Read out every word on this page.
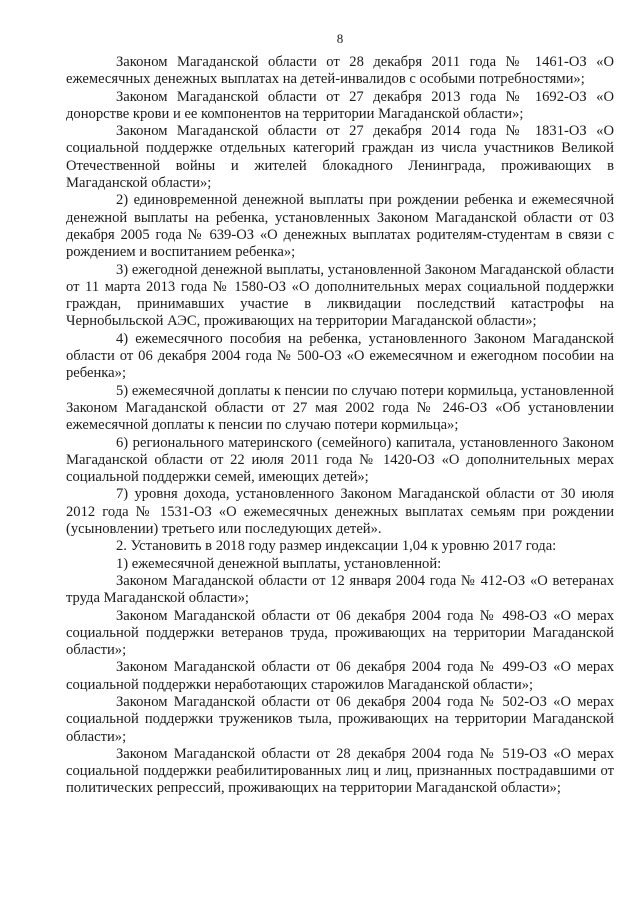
8

Законом Магаданской области от 28 декабря 2011 года № 1461-ОЗ «О ежемесячных денежных выплатах на детей-инвалидов с особыми потребностями»;

Законом Магаданской области от 27 декабря 2013 года № 1692-ОЗ «О донорстве крови и ее компонентов на территории Магаданской области»;

Законом Магаданской области от 27 декабря 2014 года № 1831-ОЗ «О социальной поддержке отдельных категорий граждан из числа участников Великой Отечественной войны и жителей блокадного Ленинграда, проживающих в Магаданской области»;

2) единовременной денежной выплаты при рождении ребенка и ежемесячной денежной выплаты на ребенка, установленных Законом Магаданской области от 03 декабря 2005 года № 639-ОЗ «О денежных выплатах родителям-студентам в связи с рождением и воспитанием ребенка»;

3) ежегодной денежной выплаты, установленной Законом Магаданской области от 11 марта 2013 года № 1580-ОЗ «О дополнительных мерах социальной поддержки граждан, принимавших участие в ликвидации последствий катастрофы на Чернобыльской АЭС, проживающих на территории Магаданской области»;

4) ежемесячного пособия на ребенка, установленного Законом Магаданской области от 06 декабря 2004 года № 500-ОЗ «О ежемесячном и ежегодном пособии на ребенка»;

5) ежемесячной доплаты к пенсии по случаю потери кормильца, установленной Законом Магаданской области от 27 мая 2002 года № 246-ОЗ «Об установлении ежемесячной доплаты к пенсии по случаю потери кормильца»;

6) регионального материнского (семейного) капитала, установленного Законом Магаданской области от 22 июля 2011 года № 1420-ОЗ «О дополнительных мерах социальной поддержки семей, имеющих детей»;

7) уровня дохода, установленного Законом Магаданской области от 30 июля 2012 года № 1531-ОЗ «О ежемесячных денежных выплатах семьям при рождении (усыновлении) третьего или последующих детей».

2. Установить в 2018 году размер индексации 1,04 к уровню 2017 года:

1) ежемесячной денежной выплаты, установленной:

Законом Магаданской области от 12 января 2004 года № 412-ОЗ «О ветеранах труда Магаданской области»;

Законом Магаданской области от 06 декабря 2004 года № 498-ОЗ «О мерах социальной поддержки ветеранов труда, проживающих на территории Магаданской области»;

Законом Магаданской области от 06 декабря 2004 года № 499-ОЗ «О мерах социальной поддержки неработающих старожилов Магаданской области»;

Законом Магаданской области от 06 декабря 2004 года № 502-ОЗ «О мерах социальной поддержки тружеников тыла, проживающих на территории Магаданской области»;

Законом Магаданской области от 28 декабря 2004 года № 519-ОЗ «О мерах социальной поддержки реабилитированных лиц и лиц, признанных пострадавшими от политических репрессий, проживающих на территории Магаданской области»;
